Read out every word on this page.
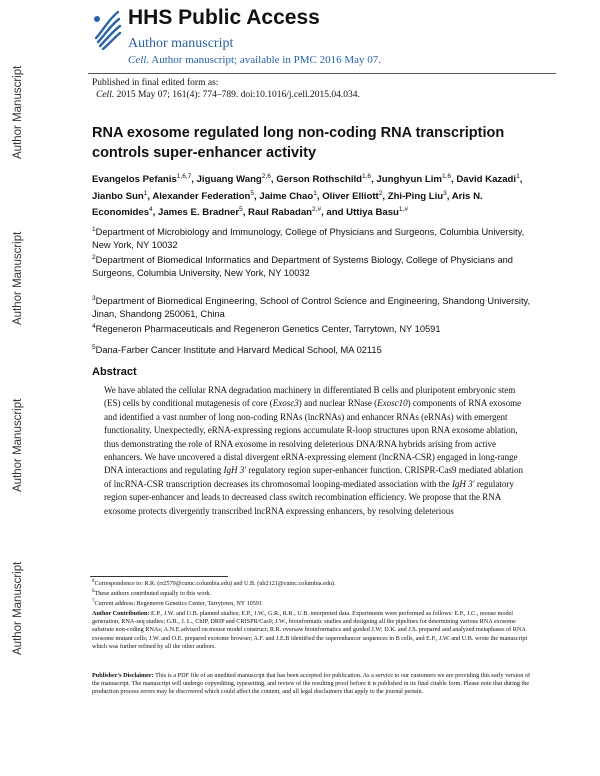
Author Manuscript
Author Manuscript
Author Manuscript
Author Manuscript
HHS Public Access
Author manuscript
Cell. Author manuscript; available in PMC 2016 May 07.
Published in final edited form as:
Cell. 2015 May 07; 161(4): 774–789. doi:10.1016/j.cell.2015.04.034.
RNA exosome regulated long non-coding RNA transcription controls super-enhancer activity
Evangelos Pefanis$^{1,6,7}$, Jiguang Wang$^{2,6}$, Gerson Rothschild$^{1,6}$, Junghyun Lim$^{1,6}$, David Kazadi$^1$, Jianbo Sun$^1$, Alexander Federation$^5$, Jaime Chao$^1$, Oliver Elliott$^2$, Zhi-Ping Liu$^3$, Aris N. Economides$^4$, James E. Bradner$^5$, Raul Rabadan$^{2,\#}$, and Uttiya Basu$^{1,\#}$
$^1$Department of Microbiology and Immunology, College of Physicians and Surgeons, Columbia University, New York, NY 10032
$^2$Department of Biomedical Informatics and Department of Systems Biology, College of Physicians and Surgeons, Columbia University, New York, NY 10032
$^3$Department of Biomedical Engineering, School of Control Science and Engineering, Shandong University, Jinan, Shandong 250061, China
$^4$Regeneron Pharmaceuticals and Regeneron Genetics Center, Tarrytown, NY 10591
$^5$Dana-Farber Cancer Institute and Harvard Medical School, MA 02115
Abstract

We have ablated the cellular RNA degradation machinery in differentiated B cells and pluripotent embryonic stem (ES) cells by conditional mutagenesis of core (Exosc3) and nuclear RNase (Exosc10) components of RNA exosome and identified a vast number of long non-coding RNAs (lncRNAs) and enhancer RNAs (eRNAs) with emergent functionality. Unexpectedly, eRNA-expressing regions accumulate R-loop structures upon RNA exosome ablation, thus demonstrating the role of RNA exosome in resolving deleterious DNA/RNA hybrids arising from active enhancers. We have uncovered a distal divergent eRNA-expressing element (lncRNA-CSR) engaged in long-range DNA interactions and regulating IgH 3′ regulatory region super-enhancer function. CRISPR-Cas9 mediated ablation of lncRNA-CSR transcription decreases its chromosomal looping-mediated association with the IgH 3′ regulatory region super-enhancer and leads to decreased class switch recombination efficiency. We propose that the RNA exosome protects divergently transcribed lncRNA expressing enhancers, by resolving deleterious

#Correspondence to: R.R. (rr2579@cumc.columbia.edu) and U.B. (ub2121@cumc.columbia.edu).
$^6$These authors contributed equally to this work.
$^7$Current address: Regeneron Genetics Center, Tarrytown, NY 10591

Author Contribution: E.P., J.W. and U.B. planned studies; E.P., J.W., G.R., R.R., U.B. interpreted data. Experiments were performed as follows: E.P., J.C., mouse model generation, RNA-seq studies; G.R., J. L., ChIP, DRIP and CRISPR/Cas9; J.W., bioinformatic studies and designing all the pipelines for determining various RNA exosome substrate non-coding RNAs; A.N.E advised on mouse model construct; R.R. oversaw bioinformatics and guided J.W; D.K. and J.S. prepared and analyzed metaphases of RNA exosome mutant cells; J.W. and O.E. prepared exotome browser; A.F. and J.E.B identified the superenhancer sequences in B cells, and E.P., J.W. and U.B. wrote the manuscript which was further refined by all the other authors.

Publisher's Disclaimer: This is a PDF file of an unedited manuscript that has been accepted for publication. As a service to our customers we are providing this early version of the manuscript. The manuscript will undergo copyediting, typesetting, and review of the resulting proof before it is published in its final citable form. Please note that during the production process errors may be discovered which could affect the content, and all legal disclaimers that apply to the journal pertain.
